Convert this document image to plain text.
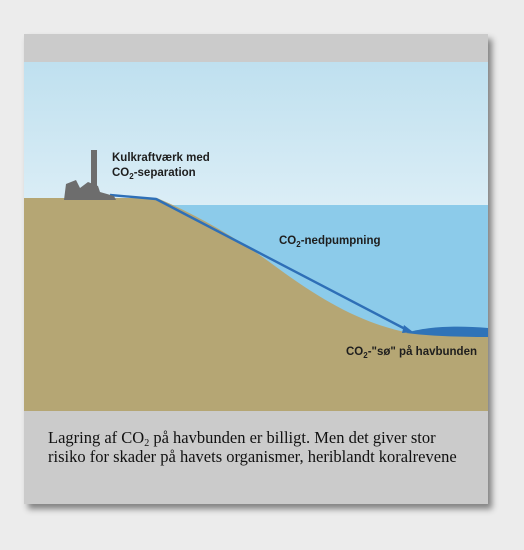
Kulkraftværk med
$CO_2$-separation
$CO_2$-nedpumpning
$CO_2-"sø$" på havbunden
Lagring af $CO_2$ på havbunden er billigt. Men det giver stor risiko for skader på havets organismer, heriblandt koralrevene
